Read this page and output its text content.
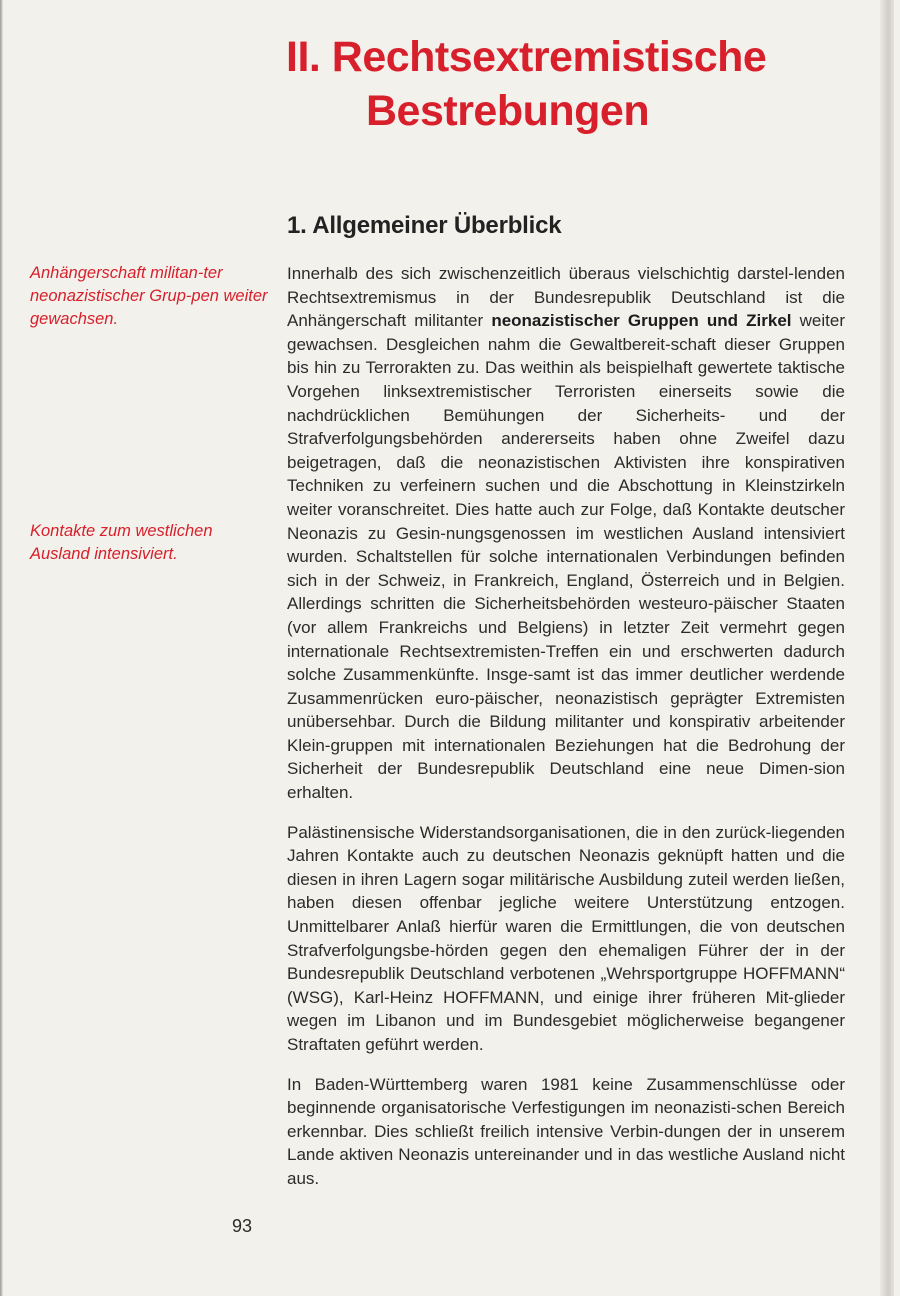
II. Rechtsextremistische
Bestrebungen
1. Allgemeiner Überblick

Anhängerschaft militan-ter neonazistischer Grup-pen weiter gewachsen.

Kontakte zum westlichen Ausland intensiviert.

Innerhalb des sich zwischenzeitlich überaus vielschichtig darstel-lenden Rechtsextremismus in der Bundesrepublik Deutschland ist die Anhängerschaft militanter neonazistischer Gruppen und Zirkel weiter gewachsen. Desgleichen nahm die Gewaltbereit-schaft dieser Gruppen bis hin zu Terrorakten zu. Das weithin als beispielhaft gewertete taktische Vorgehen linksextremistischer Terroristen einerseits sowie die nachdrücklichen Bemühungen der Sicherheits- und der Strafverfolgungsbehörden andererseits haben ohne Zweifel dazu beigetragen, daß die neonazistischen Aktivisten ihre konspirativen Techniken zu verfeinern suchen und die Abschottung in Kleinstzirkeln weiter voranschreitet. Dies hatte auch zur Folge, daß Kontakte deutscher Neonazis zu Gesin-nungsgenossen im westlichen Ausland intensiviert wurden. Schaltstellen für solche internationalen Verbindungen befinden sich in der Schweiz, in Frankreich, England, Österreich und in Belgien. Allerdings schritten die Sicherheitsbehörden westeuro-päischer Staaten (vor allem Frankreichs und Belgiens) in letzter Zeit vermehrt gegen internationale Rechtsextremisten-Treffen ein und erschwerten dadurch solche Zusammenkünfte. Insge-samt ist das immer deutlicher werdende Zusammenrücken euro-päischer, neonazistisch geprägter Extremisten unübersehbar. Durch die Bildung militanter und konspirativ arbeitender Klein-gruppen mit internationalen Beziehungen hat die Bedrohung der Sicherheit der Bundesrepublik Deutschland eine neue Dimen-sion erhalten.

Palästinensische Widerstandsorganisationen, die in den zurück-liegenden Jahren Kontakte auch zu deutschen Neonazis geknüpft hatten und die diesen in ihren Lagern sogar militärische Ausbildung zuteil werden ließen, haben diesen offenbar jegliche weitere Unterstützung entzogen. Unmittelbarer Anlaß hierfür waren die Ermittlungen, die von deutschen Strafverfolgungsbe-hörden gegen den ehemaligen Führer der in der Bundesrepublik Deutschland verbotenen „Wehrsportgruppe HOFFMANN“ (WSG), Karl-Heinz HOFFMANN, und einige ihrer früheren Mit-glieder wegen im Libanon und im Bundesgebiet möglicherweise begangener Straftaten geführt werden.

In Baden-Württemberg waren 1981 keine Zusammenschlüsse oder beginnende organisatorische Verfestigungen im neonazisti-schen Bereich erkennbar. Dies schließt freilich intensive Verbin-dungen der in unserem Lande aktiven Neonazis untereinander und in das westliche Ausland nicht aus.

93
